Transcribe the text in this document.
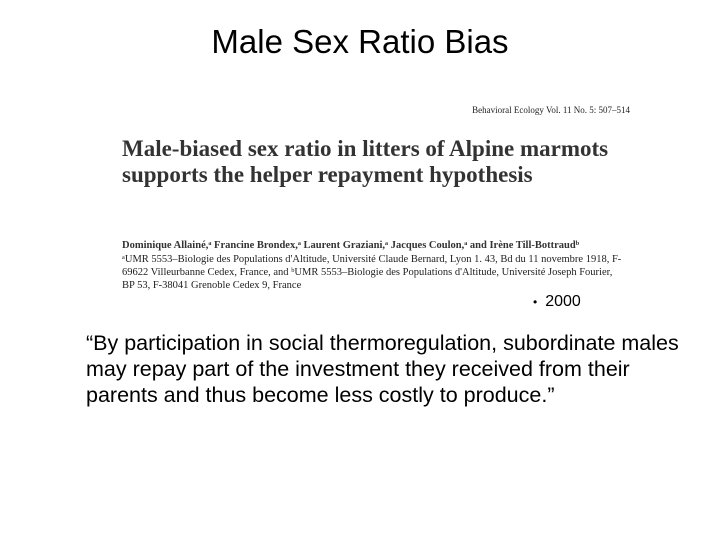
Male Sex Ratio Bias
Behavioral Ecology Vol. 11 No. 5: 507–514
Male-biased sex ratio in litters of Alpine marmots supports the helper repayment hypothesis
Dominique Allainé,ᵃ Francine Brondex,ᵃ Laurent Graziani,ᵃ Jacques Coulon,ᵃ and Irène Till-Bottraudᵇ
ᵃUMR 5553–Biologie des Populations d'Altitude, Université Claude Bernard, Lyon 1. 43, Bd du 11 novembre 1918, F-69622 Villeurbanne Cedex, France, and ᵇUMR 5553–Biologie des Populations d'Altitude, Université Joseph Fourier, BP 53, F-38041 Grenoble Cedex 9, France
• 2000
“By participation in social thermoregulation, subordinate males may repay part of the investment they received from their parents and thus become less costly to produce.”
